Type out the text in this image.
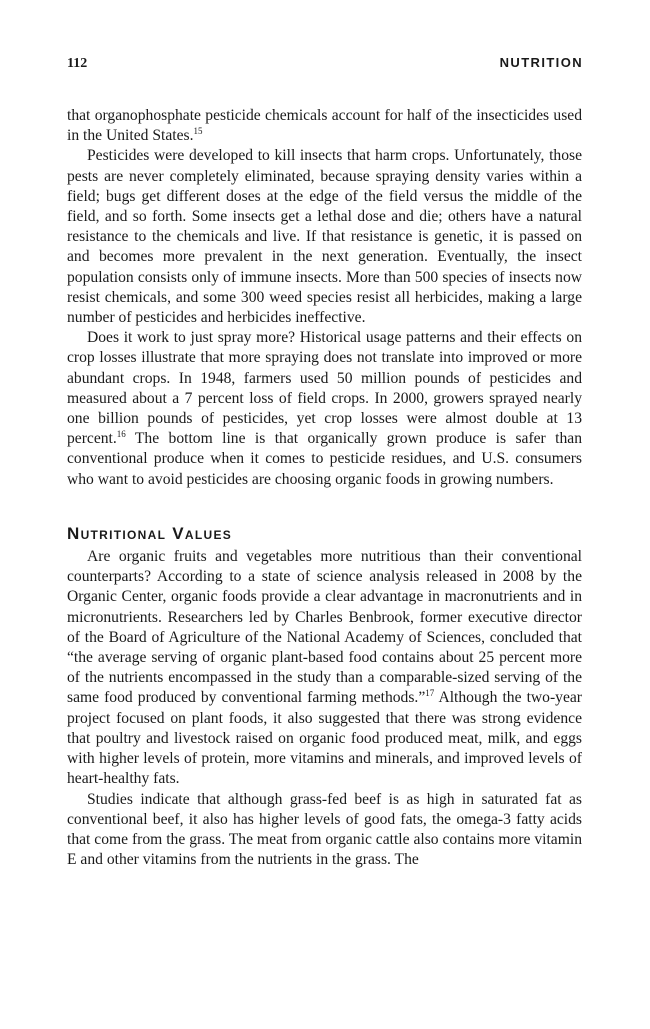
112	NUTRITION

that organophosphate pesticide chemicals account for half of the insecticides used in the United States.$^{15}$

Pesticides were developed to kill insects that harm crops. Unfortunately, those pests are never completely eliminated, because spraying density varies within a field; bugs get different doses at the edge of the field versus the middle of the field, and so forth. Some insects get a lethal dose and die; others have a natural resistance to the chemicals and live. If that resistance is genetic, it is passed on and becomes more prevalent in the next generation. Eventually, the insect population consists only of immune insects. More than 500 species of insects now resist chemicals, and some 300 weed species resist all herbicides, making a large number of pesticides and herbicides ineffective.

Does it work to just spray more? Historical usage patterns and their effects on crop losses illustrate that more spraying does not translate into improved or more abundant crops. In 1948, farmers used 50 million pounds of pesticides and measured about a 7 percent loss of field crops. In 2000, growers sprayed nearly one billion pounds of pesticides, yet crop losses were almost double at 13 percent.$^{16}$ The bottom line is that organically grown produce is safer than conventional produce when it comes to pesticide residues, and U.S. consumers who want to avoid pesticides are choosing organic foods in growing numbers.

Nutritional Values

Are organic fruits and vegetables more nutritious than their conventional counterparts? According to a state of science analysis released in 2008 by the Organic Center, organic foods provide a clear advantage in macronutrients and in micronutrients. Researchers led by Charles Benbrook, former executive director of the Board of Agriculture of the National Academy of Sciences, concluded that “the average serving of organic plant-based food contains about 25 percent more of the nutrients encompassed in the study than a comparable-sized serving of the same food produced by conventional farming methods.”$^{17}$ Although the two-year project focused on plant foods, it also suggested that there was strong evidence that poultry and livestock raised on organic food produced meat, milk, and eggs with higher levels of protein, more vitamins and minerals, and improved levels of heart-healthy fats.

Studies indicate that although grass-fed beef is as high in saturated fat as conventional beef, it also has higher levels of good fats, the omega-3 fatty acids that come from the grass. The meat from organic cattle also contains more vitamin E and other vitamins from the nutrients in the grass. The
